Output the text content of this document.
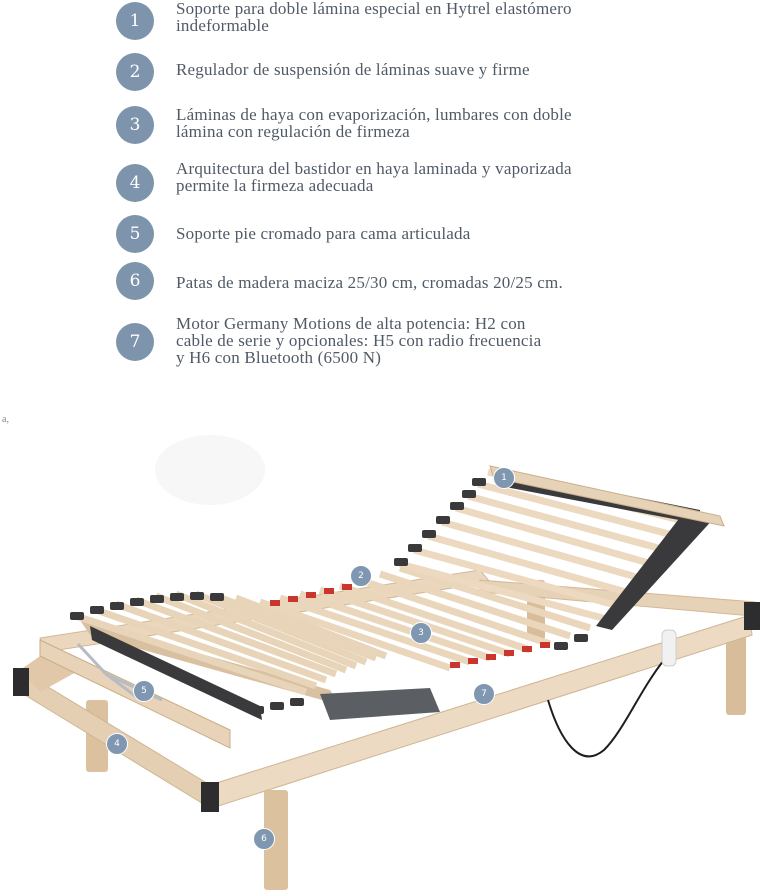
1
Soporte para doble lámina especial en Hytrel elastómero
indeformable
2	Regulador de suspensión de láminas suave y firme
3
Láminas de haya con evaporización, lumbares con doble
lámina con regulación de firmeza
4
Arquitectura del bastidor en haya laminada y vaporizada
permite la firmeza adecuada
5	Soporte pie cromado para cama articulada
6	Patas de madera maciza 25/30 cm, cromadas 20/25 cm.
7
Motor Germany Motions de alta potencia: H2 con
cable de serie y opcionales: H5 con radio frecuencia
y H6 con Bluetooth (6500 N)
a,
1
2
3
4
5
6
7
